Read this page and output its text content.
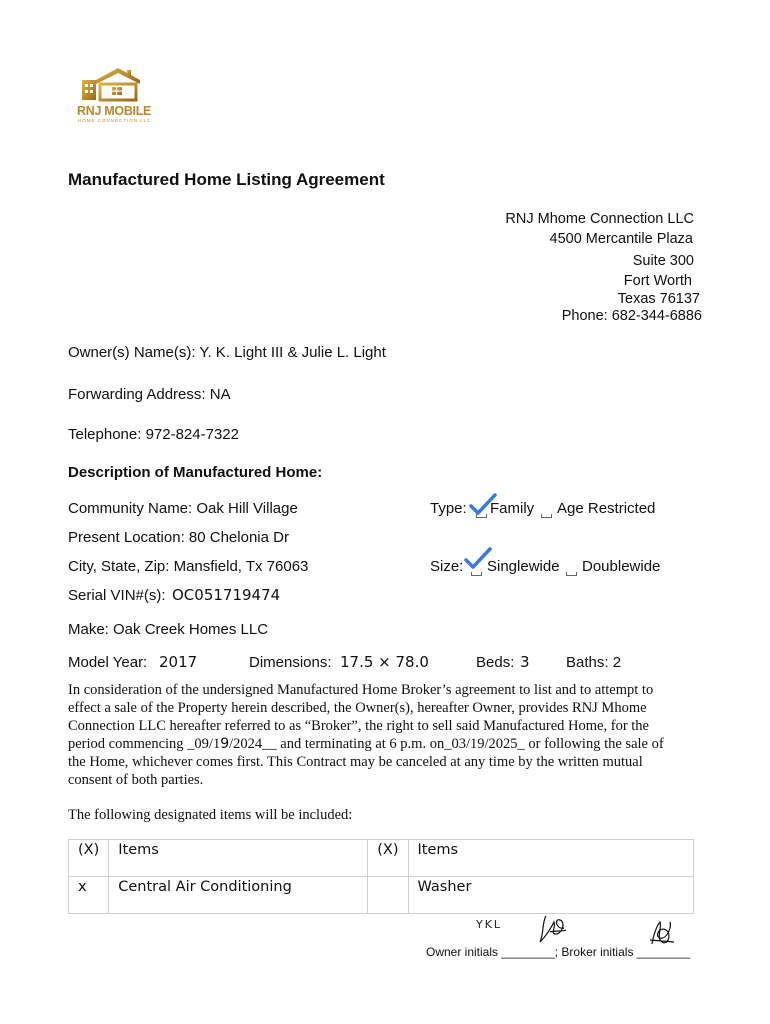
RNJ MOBILE
HOME CONNECTION LLC
Manufactured Home Listing Agreement
RNJ Mhome Connection LLC
4500 Mercantile Plaza
Suite 300
Fort Worth
Texas 76137
Phone: 682-344-6886
Owner(s) Name(s): Y. K. Light III & Julie L. Light
Forwarding Address: NA
Telephone: 972-824-7322
Description of Manufactured Home:
Community Name: Oak Hill Village
Present Location: 80 Chelonia Dr
City, State, Zip: Mansfield, Tx 76063
Serial VIN#(s): OC051719474
Make: Oak Creek Homes LLC
Type: Family Age Restricted
Size: Singlewide Doublewide
Model Year: 2017	Dimensions: 17.5 × 78.0	Beds: 3 Baths: 2
In consideration of the undersigned Manufactured Home Broker’s agreement to list and to attempt to
effect a sale of the Property herein described, the Owner(s), hereafter Owner, provides RNJ Mhome
Connection LLC hereafter referred to as “Broker”, the right to sell said Manufactured Home, for the
period commencing _09/19/2024__ and terminating at 6 p.m. on_03/19/2025_ or following the sale of
the Home, whichever comes first. This Contract may be canceled at any time by the written mutual
consent of both parties.
The following designated items will be included:
(X)	Items	(X)	Items
x	Central Air Conditioning		Washer
YKL
Owner initials ________; Broker initials ________
